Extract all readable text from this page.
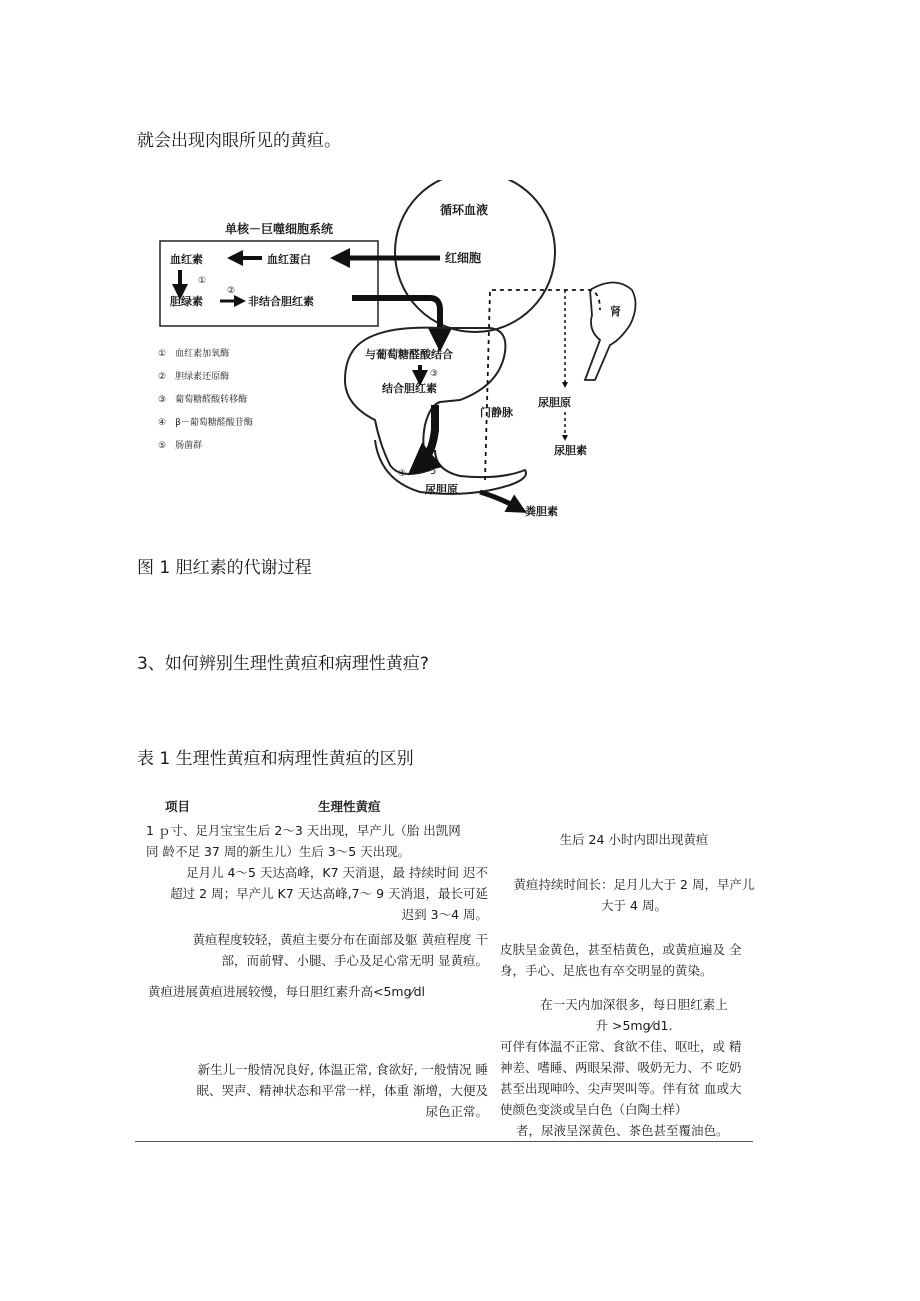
就会出现肉眼所见的黄疸。
循环血液
红细胞
单核－巨噬细胞系统
血红素	血红蛋白
①
胆绿素
②
非结合胆红素
与葡萄糖醛酸结合
③
结合胆红素
④ 5
尿胆原
粪胆素
门静脉
肾
尿胆原
尿胆素
①　血红素加氧酶
②　胆绿素还原酶
③　葡萄糖醛酸转移酶
④　β－葡萄糖醛酸苷酶
⑤　肠菌群
图 1 胆红素的代谢过程
3、如何辨别生理性黄疸和病理性黄疸?
表 1 生理性黄疸和病理性黄疸的区别
项目	生理性黄疸
1 ｐ寸、足月宝宝生后 2～3 天出现，早产儿（胎 出凯网
同 龄不足 37 周的新生儿）生后 3～5 天出现。
生后 24 小时内即出现黄疸
足月儿 4～5 天达高峰，K7 天消退，最 持续时间 迟不
超过 2 周；早产儿 K7 天达高峰,7～ 9 天消退，最长可延
迟到 3～4 周。
黄疸持续时间长：足月儿大于 2 周，早产儿
大于 4 周。
黄疸程度较轻，黄疸主要分布在面部及躯 黄疸程度 干
部，而前臂、小腿、手心及足心常无明 显黄疸。
皮肤呈金黄色，甚至桔黄色，或黄疸遍及 全
身，手心、足底也有卒交明显的黄染。
黄疸进展黄疸进展较慢，每日胆红素升高<5mg⁄dl
在一天内加深很多，每日胆红素上
升 >5mg⁄d1.
新生儿一般情况良好, 体温正常, 食欲好, 一般情况 睡
眠、哭声、精神状态和平常一样，体重 渐增，大便及
尿色正常。
可伴有体温不正常、食欲不佳、呕吐，或 精
神差、嗜睡、两眼呆滞、吸奶无力、不 吃奶
甚至出现呻吟、尖声哭叫等。伴有贫 血或大
使颜色变淡或呈白色（白陶土样）
者，尿液呈深黄色、茶色甚至覆油色。
